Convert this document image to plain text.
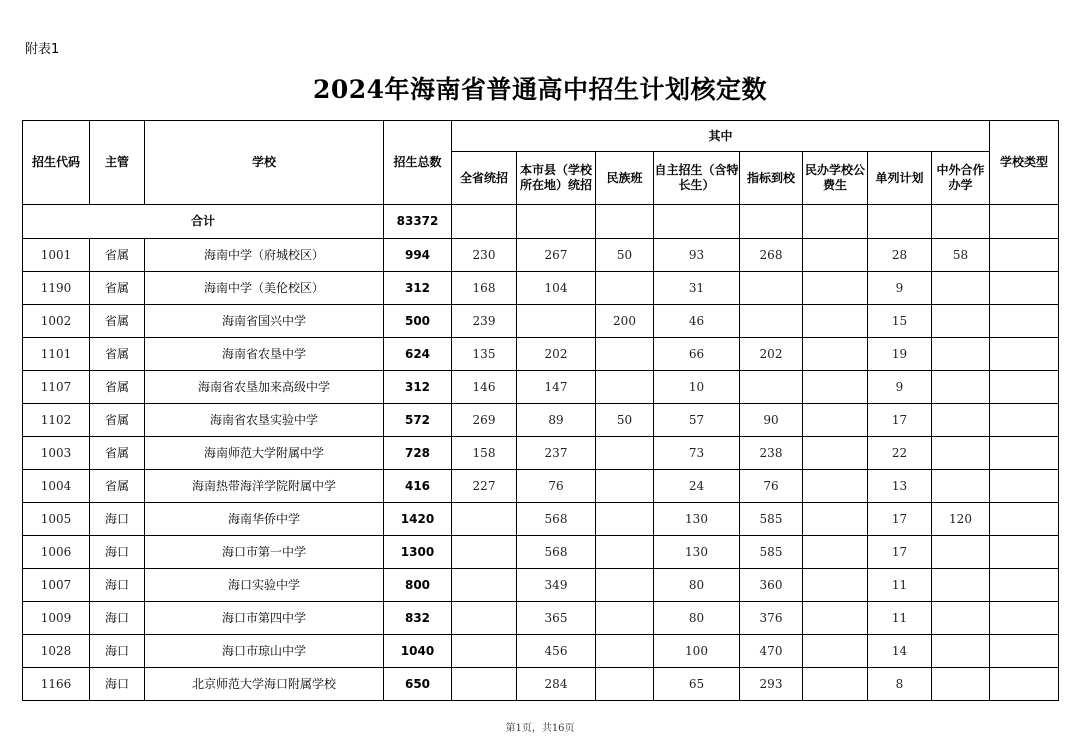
附表1
2024年海南省普通高中招生计划核定数
招生代码	主管	学校	招生总数	其中								学校类型
				全省统招	本市县（学校所在地）统招	民族班	自主招生（含特长生）	指标到校	民办学校公费生	单列计划	中外合作办学	
合计			83372									
1001	省属	海南中学（府城校区）	994	230	267	50	93	268		28	58	
1190	省属	海南中学（美伦校区）	312	168	104		31			9		
1002	省属	海南省国兴中学	500	239		200	46			15		
1101	省属	海南省农垦中学	624	135	202		66	202		19		
1107	省属	海南省农垦加来高级中学	312	146	147		10			9		
1102	省属	海南省农垦实验中学	572	269	89	50	57	90		17		
1003	省属	海南师范大学附属中学	728	158	237		73	238		22		
1004	省属	海南热带海洋学院附属中学	416	227	76		24	76		13		
1005	海口	海南华侨中学	1420		568		130	585		17	120	
1006	海口	海口市第一中学	1300		568		130	585		17		
1007	海口	海口实验中学	800		349		80	360		11		
1009	海口	海口市第四中学	832		365		80	376		11		
1028	海口	海口市琼山中学	1040		456		100	470		14		
1166	海口	北京师范大学海口附属学校	650		284		65	293		8		
第1页，共16页
